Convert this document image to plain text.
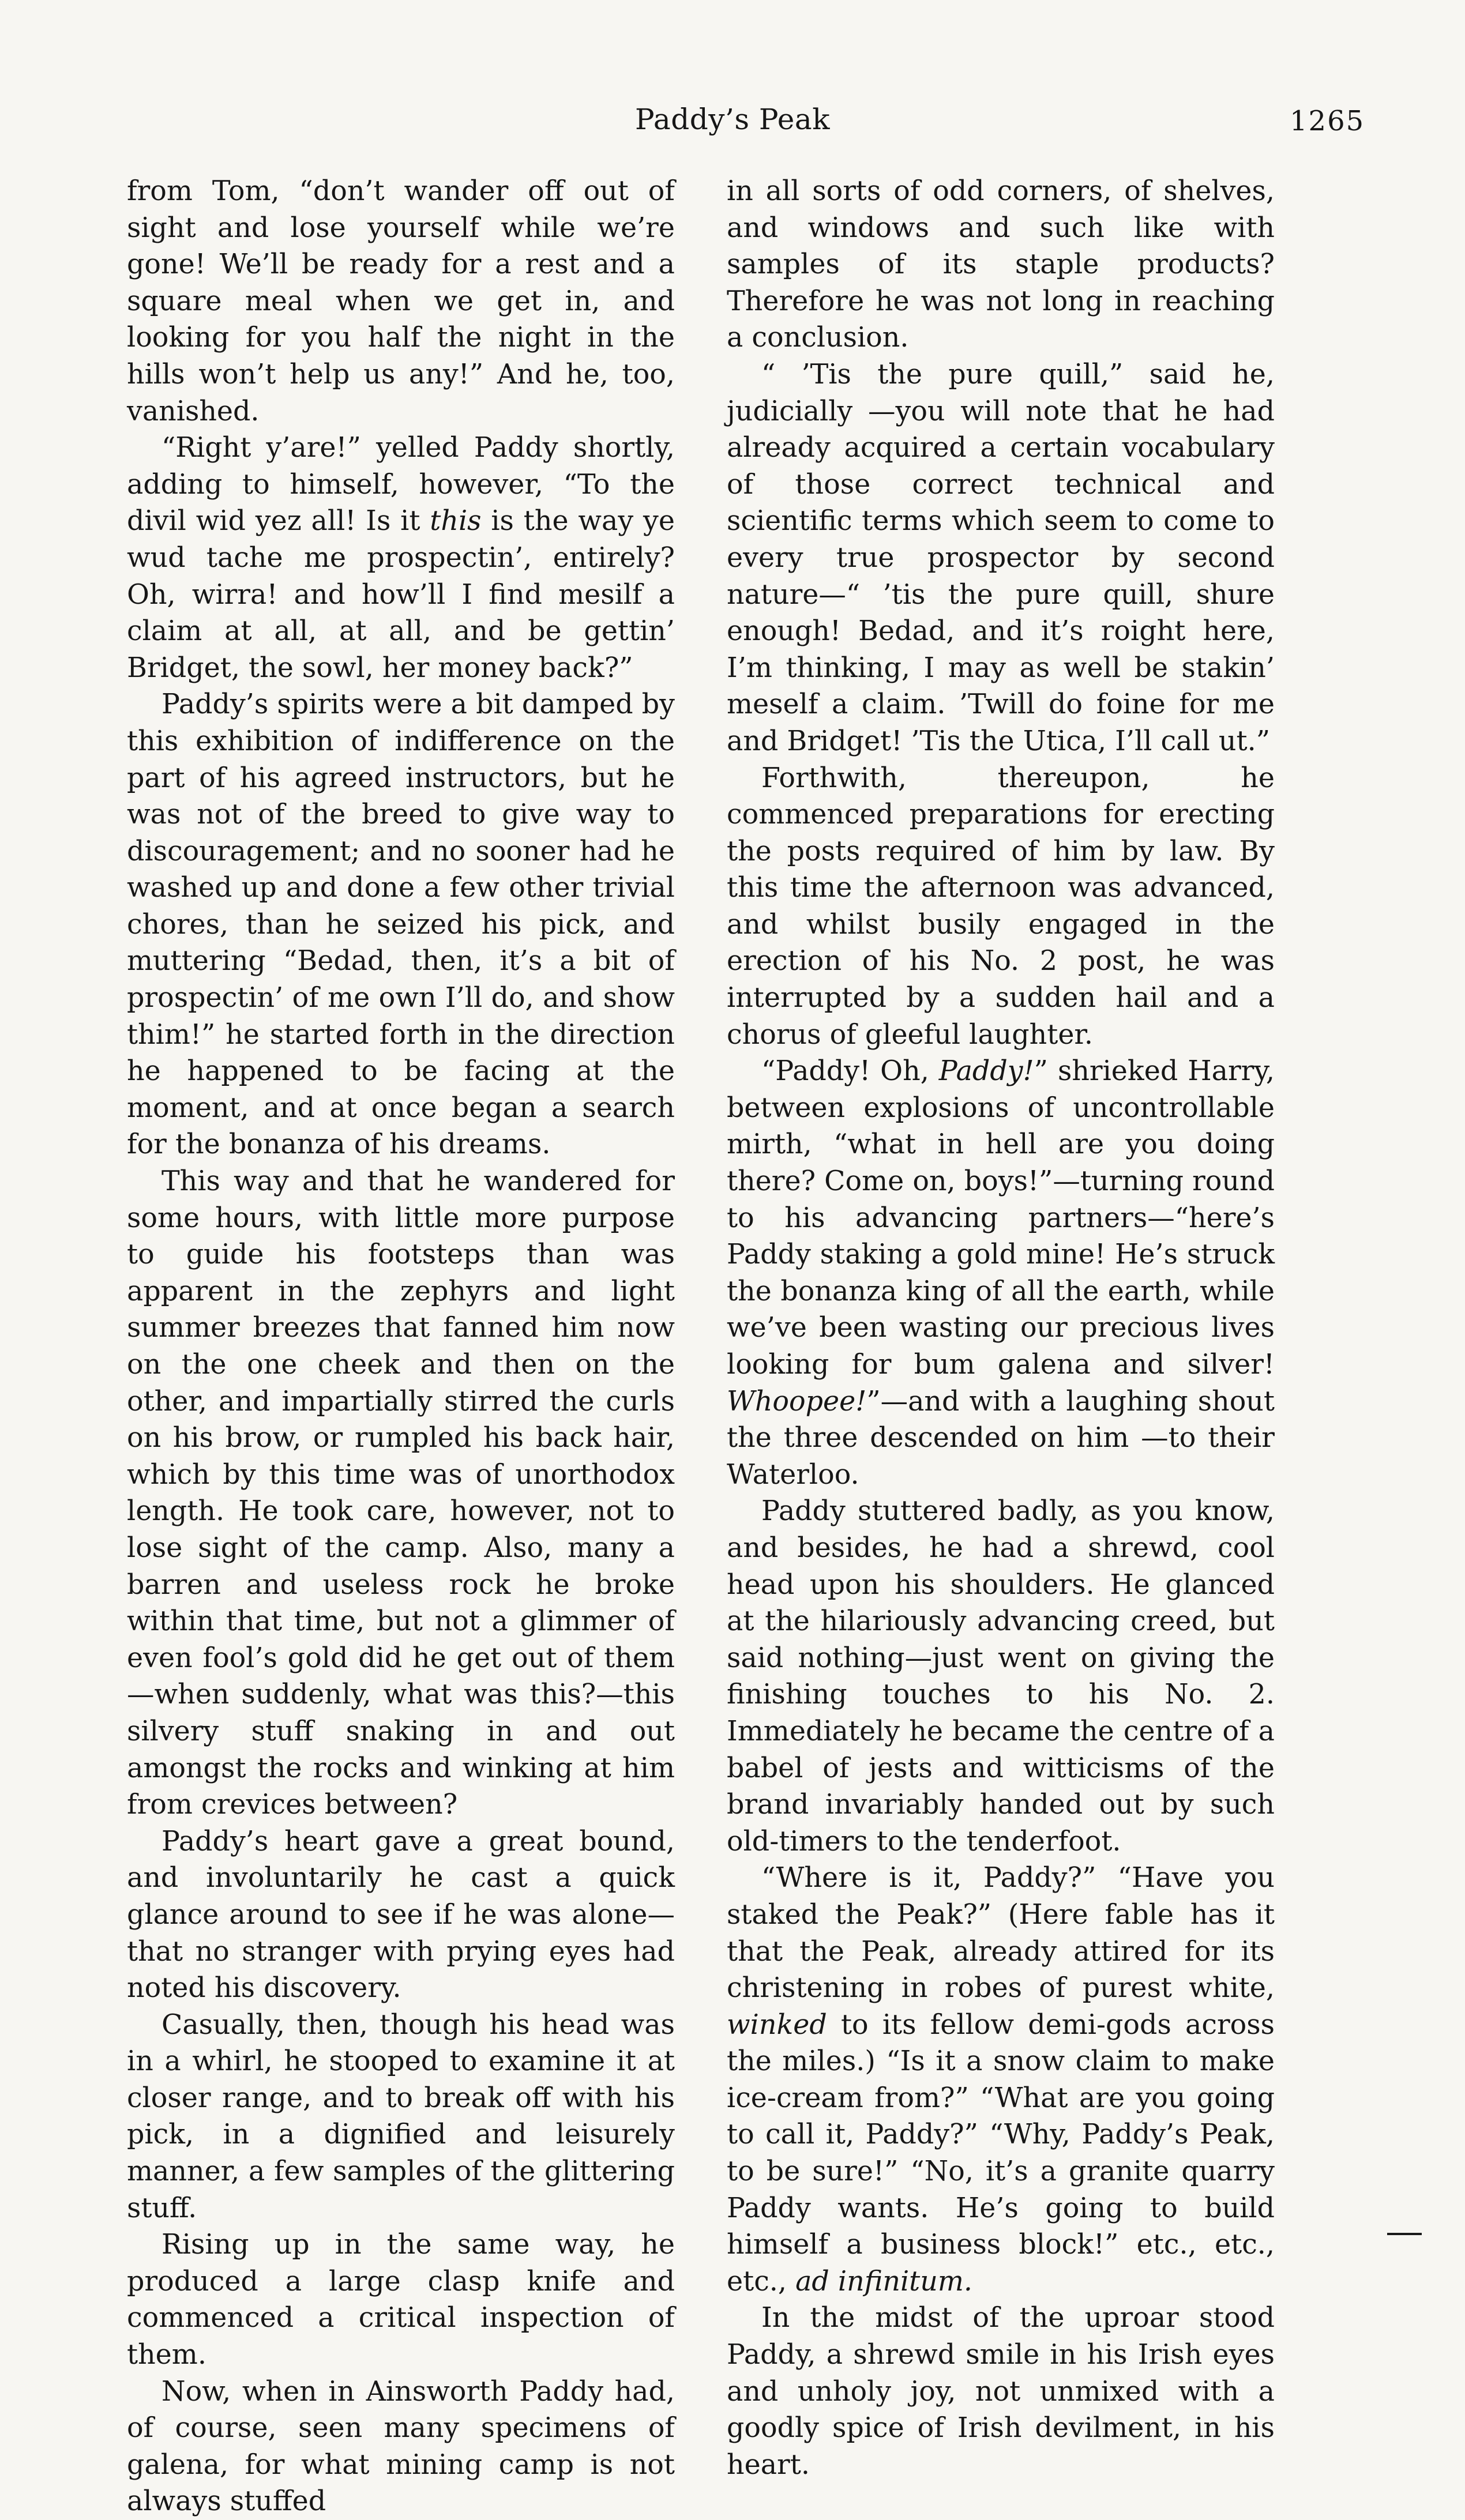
Paddy’s Peak	1265

from Tom, “don’t wander off out of sight and lose yourself while we’re gone! We’ll be ready for a rest and a square meal when we get in, and looking for you half the night in the hills won’t help us any!” And he, too, vanished.

“Right y’are!” yelled Paddy shortly, adding to himself, however, “To the divil wid yez all! Is it this is the way ye wud tache me prospectin’, entirely? Oh, wirra! and how’ll I find mesilf a claim at all, at all, and be gettin’ Bridget, the sowl, her money back?”

Paddy’s spirits were a bit damped by this exhibition of indifference on the part of his agreed instructors, but he was not of the breed to give way to discouragement; and no sooner had he washed up and done a few other trivial chores, than he seized his pick, and muttering “Bedad, then, it’s a bit of prospectin’ of me own I’ll do, and show thim!” he started forth in the direction he happened to be facing at the moment, and at once began a search for the bonanza of his dreams.

This way and that he wandered for some hours, with little more purpose to guide his footsteps than was apparent in the zephyrs and light summer breezes that fanned him now on the one cheek and then on the other, and impartially stirred the curls on his brow, or rumpled his back hair, which by this time was of unorthodox length. He took care, however, not to lose sight of the camp. Also, many a barren and useless rock he broke within that time, but not a glimmer of even fool’s gold did he get out of them—when suddenly, what was this?—this silvery stuff snaking in and out amongst the rocks and winking at him from crevices between?

Paddy’s heart gave a great bound, and involuntarily he cast a quick glance around to see if he was alone—that no stranger with prying eyes had noted his discovery.

Casually, then, though his head was in a whirl, he stooped to examine it at closer range, and to break off with his pick, in a dignified and leisurely manner, a few samples of the glittering stuff.

Rising up in the same way, he produced a large clasp knife and commenced a critical inspection of them.

Now, when in Ainsworth Paddy had, of course, seen many specimens of galena, for what mining camp is not always stuffed

in all sorts of odd corners, of shelves, and windows and such like with samples of its staple products? Therefore he was not long in reaching a conclusion.

“ ’Tis the pure quill,” said he, judicially —you will note that he had already acquired a certain vocabulary of those correct technical and scientific terms which seem to come to every true prospector by second nature—“ ’tis the pure quill, shure enough! Bedad, and it’s roight here, I’m thinking, I may as well be stakin’ meself a claim. ’Twill do foine for me and Bridget! ’Tis the Utica, I’ll call ut.”

Forthwith, thereupon, he commenced preparations for erecting the posts required of him by law. By this time the afternoon was advanced, and whilst busily engaged in the erection of his No. 2 post, he was interrupted by a sudden hail and a chorus of gleeful laughter.

“Paddy! Oh, Paddy!” shrieked Harry, between explosions of uncontrollable mirth, “what in hell are you doing there? Come on, boys!”—turning round to his advancing partners—“here’s Paddy staking a gold mine! He’s struck the bonanza king of all the earth, while we’ve been wasting our precious lives looking for bum galena and silver! Whoopee!”—and with a laughing shout the three descended on him —to their Waterloo.

Paddy stuttered badly, as you know, and besides, he had a shrewd, cool head upon his shoulders. He glanced at the hilariously advancing creed, but said nothing—just went on giving the finishing touches to his No. 2. Immediately he became the centre of a babel of jests and witticisms of the brand invariably handed out by such old-timers to the tenderfoot.

“Where is it, Paddy?” “Have you staked the Peak?” (Here fable has it that the Peak, already attired for its christening in robes of purest white, winked to its fellow demi-gods across the miles.) “Is it a snow claim to make ice-cream from?” “What are you going to call it, Paddy?” “Why, Paddy’s Peak, to be sure!” “No, it’s a granite quarry Paddy wants. He’s going to build himself a business block!” etc., etc., etc., ad infinitum.

In the midst of the uproar stood Paddy, a shrewd smile in his Irish eyes and unholy joy, not unmixed with a goodly spice of Irish devilment, in his heart.
